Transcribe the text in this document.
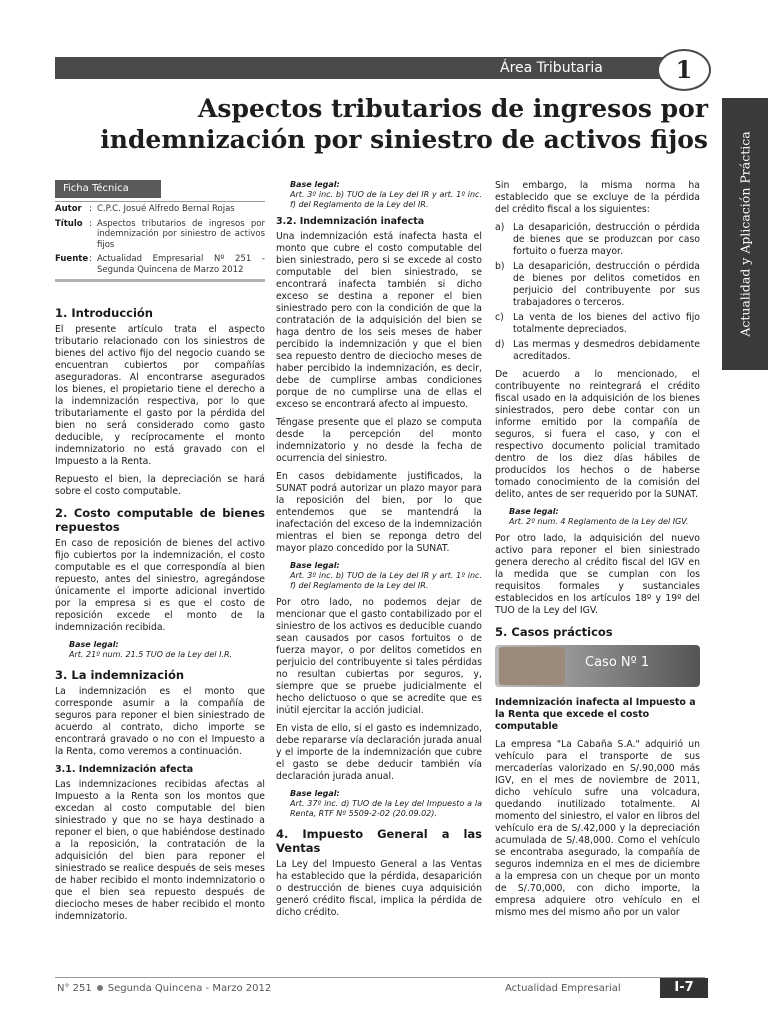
Área Tributaria	1
Actualidad y Aplicación Práctica
Aspectos tributarios de ingresos por
indemnización por siniestro de activos fijos
Ficha Técnica
Autor : C.P.C. Josué Alfredo Bernal Rojas
Título : Aspectos tributarios de ingresos por indemnización por siniestro de activos fijos
Fuente : Actualidad Empresarial Nº 251 - Segunda Quincena de Marzo 2012
1. Introducción

El presente artículo trata el aspecto tributario relacionado con los siniestros de bienes del activo fijo del negocio cuando se encuentran cubiertos por compañías aseguradoras. Al encontrarse asegurados los bienes, el propietario tiene el derecho a la indemnización respectiva, por lo que tributariamente el gasto por la pérdida del bien no será considerado como gasto deducible, y recíprocamente el monto indemnizatorio no está gravado con el Impuesto a la Renta.

Repuesto el bien, la depreciación se hará sobre el costo computable.

2. Costo computable de bienes repuestos

En caso de reposición de bienes del activo fijo cubiertos por la indemnización, el costo computable es el que correspondía al bien repuesto, antes del siniestro, agregándose únicamente el importe adicional invertido por la empresa si es que el costo de reposición excede el monto de la indemnización recibida.

Base legal:
Art. 21º num. 21.5 TUO de la Ley del I.R.
3. La indemnización

La indemnización es el monto que corresponde asumir a la compañía de seguros para reponer el bien siniestrado de acuerdo al contrato, dicho importe se encontrará gravado o no con el Impuesto a la Renta, como veremos a continuación.

3.1. Indemnización afecta

Las indemnizaciones recibidas afectas al Impuesto a la Renta son los montos que excedan al costo computable del bien siniestrado y que no se haya destinado a reponer el bien, o que habiéndose destinado a la reposición, la contratación de la adquisición del bien para reponer el siniestrado se realice después de seis meses de haber recibido el monto indemnizatorio o que el bien sea repuesto después de dieciocho meses de haber recibido el monto indemnizatorio.

Base legal:
Art. 3º inc. b) TUO de la Ley del IR y art. 1º inc. f) del Reglamento de la Ley del IR.
3.2. Indemnización inafecta

Una indemnización está inafecta hasta el monto que cubre el costo computable del bien siniestrado, pero si se excede al costo computable del bien siniestrado, se encontrará inafecta también si dicho exceso se destina a reponer el bien siniestrado pero con la condición de que la contratación de la adquisición del bien se haga dentro de los seis meses de haber percibido la indemnización y que el bien sea repuesto dentro de dieciocho meses de haber percibido la indemnización, es decir, debe de cumplirse ambas condiciones porque de no cumplirse una de ellas el exceso se encontrará afecto al impuesto.

Téngase presente que el plazo se computa desde la percepción del monto indemnizatorio y no desde la fecha de ocurrencia del siniestro.

En casos debidamente justificados, la SUNAT podrá autorizar un plazo mayor para la reposición del bien, por lo que entendemos que se mantendrá la inafectación del exceso de la indemnización mientras el bien se reponga detro del mayor plazo concedido por la SUNAT.

Base legal:
Art. 3º inc. b) TUO de la Ley del IR y art. 1º inc. f) del Reglamento de la Ley del IR.

Por otro lado, no podemos dejar de mencionar que el gasto contabilizado por el siniestro de los activos es deducible cuando sean causados por casos fortuitos o de fuerza mayor, o por delitos cometidos en perjuicio del contribuyente si tales pérdidas no resultan cubiertas por seguros, y, siempre que se pruebe judicialmente el hecho delictuoso o que se acredite que es inútil ejercitar la acción judicial.

En vista de ello, si el gasto es indemnizado, debe repararse vía declaración jurada anual y el importe de la indemnización que cubre el gasto se debe deducir también vía declaración jurada anual.

Base legal:
Art. 37º inc. d) TUO de la Ley del Impuesto a la Renta, RTF Nº 5509-2-02 (20.09.02).
4. Impuesto General a las Ventas

La Ley del Impuesto General a las Ventas ha establecido que la pérdida, desaparición o destrucción de bienes cuya adquisición generó crédito fiscal, implica la pérdida de dicho crédito.

Sin embargo, la misma norma ha establecido que se excluye de la pérdida del crédito fiscal a los siguientes:

a) La desaparición, destrucción o pérdida de bienes que se produzcan por caso fortuito o fuerza mayor.
b) La desaparición, destrucción o pérdida de bienes por delitos cometidos en perjuicio del contribuyente por sus trabajadores o terceros.
c) La venta de los bienes del activo fijo totalmente depreciados.
d) Las mermas y desmedros debidamente acreditados.

De acuerdo a lo mencionado, el contribuyente no reintegrará el crédito fiscal usado en la adquisición de los bienes siniestrados, pero debe contar con un informe emitido por la compañía de seguros, si fuera el caso, y con el respectivo documento policial tramitado dentro de los diez días hábiles de producidos los hechos o de haberse tomado conocimiento de la comisión del delito, antes de ser requerido por la SUNAT.

Base legal:
Art. 2º num. 4 Reglamento de la Ley del IGV.

Por otro lado, la adquisición del nuevo activo para reponer el bien siniestrado genera derecho al crédito fiscal del IGV en la medida que se cumplan con los requisitos formales y sustanciales establecidos en los artículos 18º y 19º del TUO de la Ley del IGV.

5. Casos prácticos
Caso Nº 1

Indemnización inafecta al Impuesto a la Renta que excede el costo computable

La empresa "La Cabaña S.A." adquirió un vehículo para el transporte de sus mercaderías valorizado en S/.90,000 más IGV, en el mes de noviembre de 2011, dicho vehículo sufre una volcadura, quedando inutilizado totalmente. Al momento del siniestro, el valor en libros del vehículo era de S/.42,000 y la depreciación acumulada de S/.48,000. Como el vehículo se encontraba asegurado, la compañía de seguros indemniza en el mes de diciembre a la empresa con un cheque por un monto de S/.70,000, con dicho importe, la empresa adquiere otro vehículo en el mismo mes del mismo año por un valor

N° 251 Segunda Quincena - Marzo 2012	Actualidad Empresarial	I-7
